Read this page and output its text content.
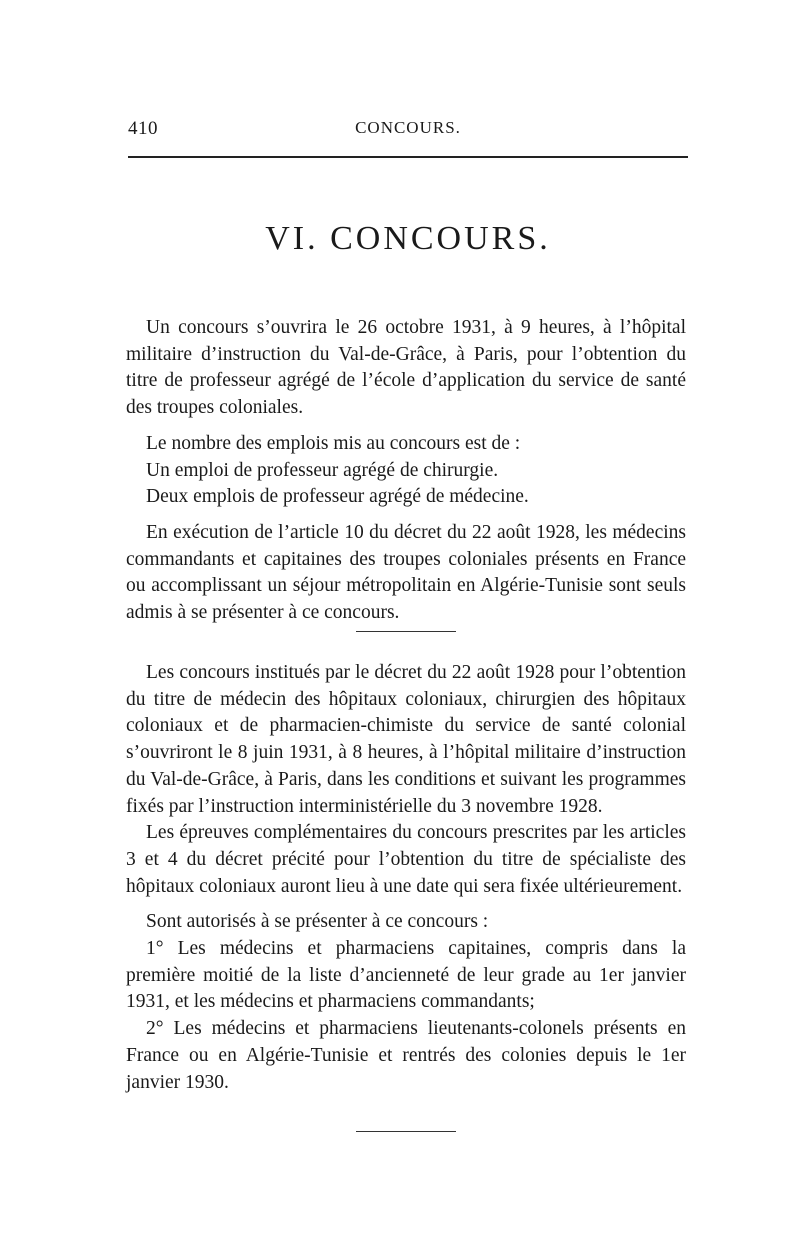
410	CONCOURS.
VI. CONCOURS.

Un concours s’ouvrira le 26 octobre 1931, à 9 heures, à l’hôpital militaire d’instruction du Val-de-Grâce, à Paris, pour l’obtention du titre de professeur agrégé de l’école d’application du service de santé des troupes coloniales.

Le nombre des emplois mis au concours est de :

Un emploi de professeur agrégé de chirurgie.

Deux emplois de professeur agrégé de médecine.

En exécution de l’article 10 du décret du 22 août 1928, les médecins commandants et capitaines des troupes coloniales présents en France ou accomplissant un séjour métropolitain en Algérie-Tunisie sont seuls admis à se présenter à ce concours.

Les concours institués par le décret du 22 août 1928 pour l’obtention du titre de médecin des hôpitaux coloniaux, chirurgien des hôpitaux coloniaux et de pharmacien-chimiste du service de santé colonial s’ouvriront le 8 juin 1931, à 8 heures, à l’hôpital militaire d’instruction du Val-de-Grâce, à Paris, dans les conditions et suivant les programmes fixés par l’instruction interministérielle du 3 novembre 1928.

Les épreuves complémentaires du concours prescrites par les articles 3 et 4 du décret précité pour l’obtention du titre de spécialiste des hôpitaux coloniaux auront lieu à une date qui sera fixée ultérieurement.

Sont autorisés à se présenter à ce concours :

1° Les médecins et pharmaciens capitaines, compris dans la première moitié de la liste d’ancienneté de leur grade au 1er janvier 1931, et les médecins et pharmaciens commandants;

2° Les médecins et pharmaciens lieutenants-colonels présents en France ou en Algérie-Tunisie et rentrés des colonies depuis le 1er janvier 1930.
